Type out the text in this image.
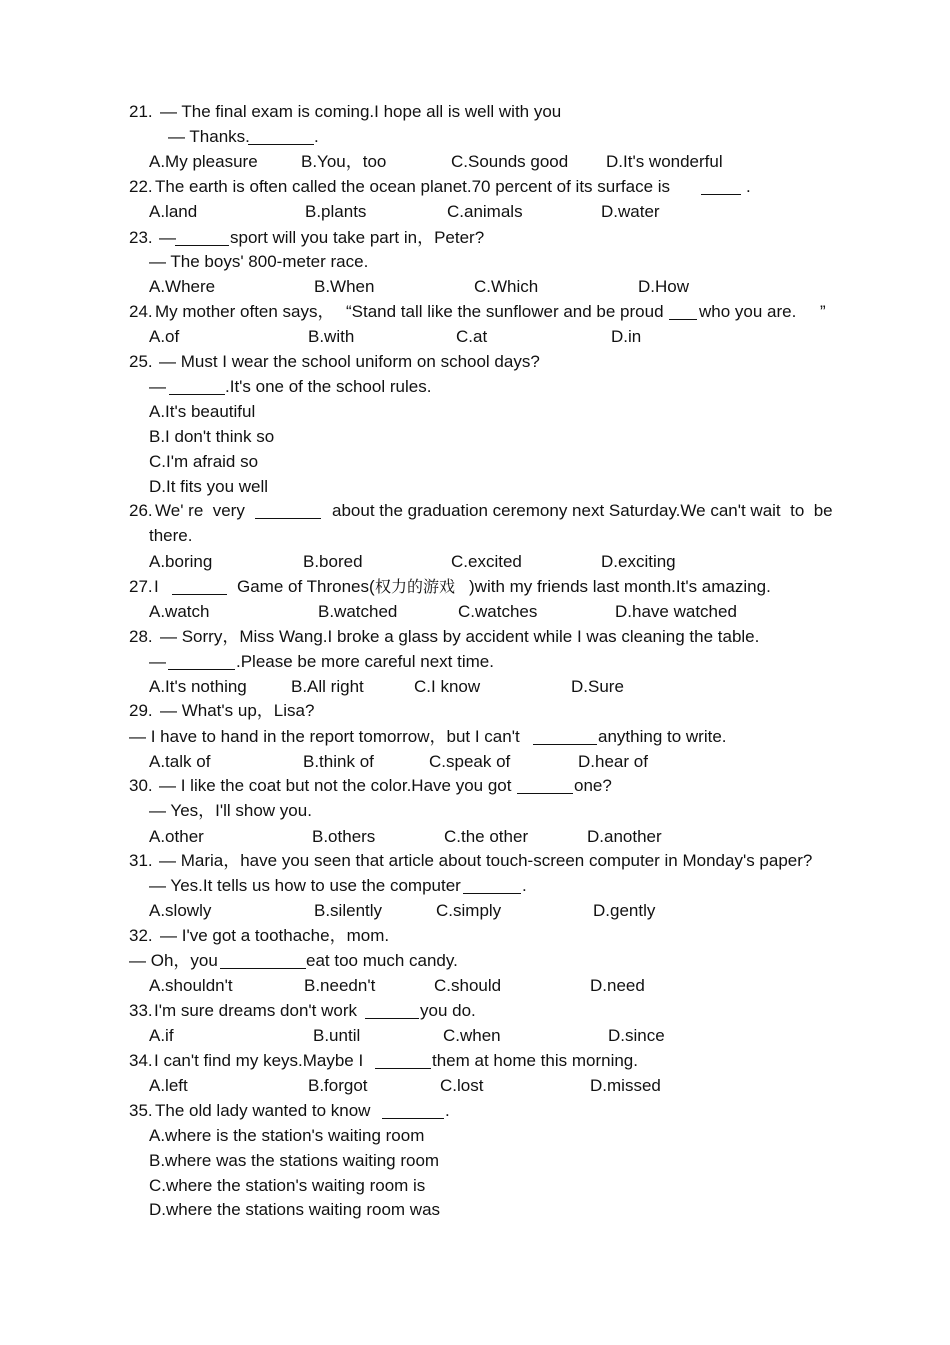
21. — The final exam is coming.I hope all is well with you
— Thanks.	.
A.My pleasure	B.You，too	C.Sounds good D.It's wonderful
22. The earth is often called the ocean planet.70 percent of its surface is	.
A.land	B.plants	C.animals	D.water
23. —	sport will you take part in，Peter?
— The boys' 800-meter race.
A.Where	B.When	C.Which	D.How
24. My mother often says， “Stand tall like the sunflower and be proud who you are. ”
A.of	B.with	C.at	D.in
25. — Must I wear the school uniform on school days?
—	.It's one of the school rules.
A.It's beautiful
B.I don't think so
C.I'm afraid so
D.It fits you well
26. We' re  very	about the graduation ceremony next Saturday.We can't wait  to  be
there.
A.boring	B.bored	C.excited	D.exciting
27. I	Game of Thrones( 权力的游戏 )with my friends last month.It's amazing.
A.watch	B.watched	C.watches	D.have watched
28. — Sorry，Miss Wang.I broke a glass by accident while I was cleaning the table.
—	.Please be more careful next time.
A.It's nothing	B.All right	C.I know	D.Sure
29. — What's up，Lisa?
— I have to hand in the report tomorrow，but I can't	anything to write.
A.talk of	B.think of	C.speak of	D.hear of
30. — I like the coat but not the color.Have you got	one?
— Yes，I'll show you.
A.other	B.others	C.the other	D.another
31. — Maria，have you seen that article about touch-screen computer in Monday's paper?
— Yes.It tells us how to use the computer	.
A.slowly	B.silently	C.simply	D.gently
32. — I've got a toothache，mom.
— Oh，you	eat too much candy.
A.shouldn't	B.needn't	C.should	D.need
33. I'm sure dreams don't work	you do.
A.if	B.until	C.when	D.since
34. I can't find my keys.Maybe I	them at home this morning.
A.left	B.forgot	C.lost	D.missed
35. The old lady wanted to know	.
A.where is the station's waiting room
B.where was the stations waiting room
C.where the station's waiting room is
D.where the stations waiting room was
